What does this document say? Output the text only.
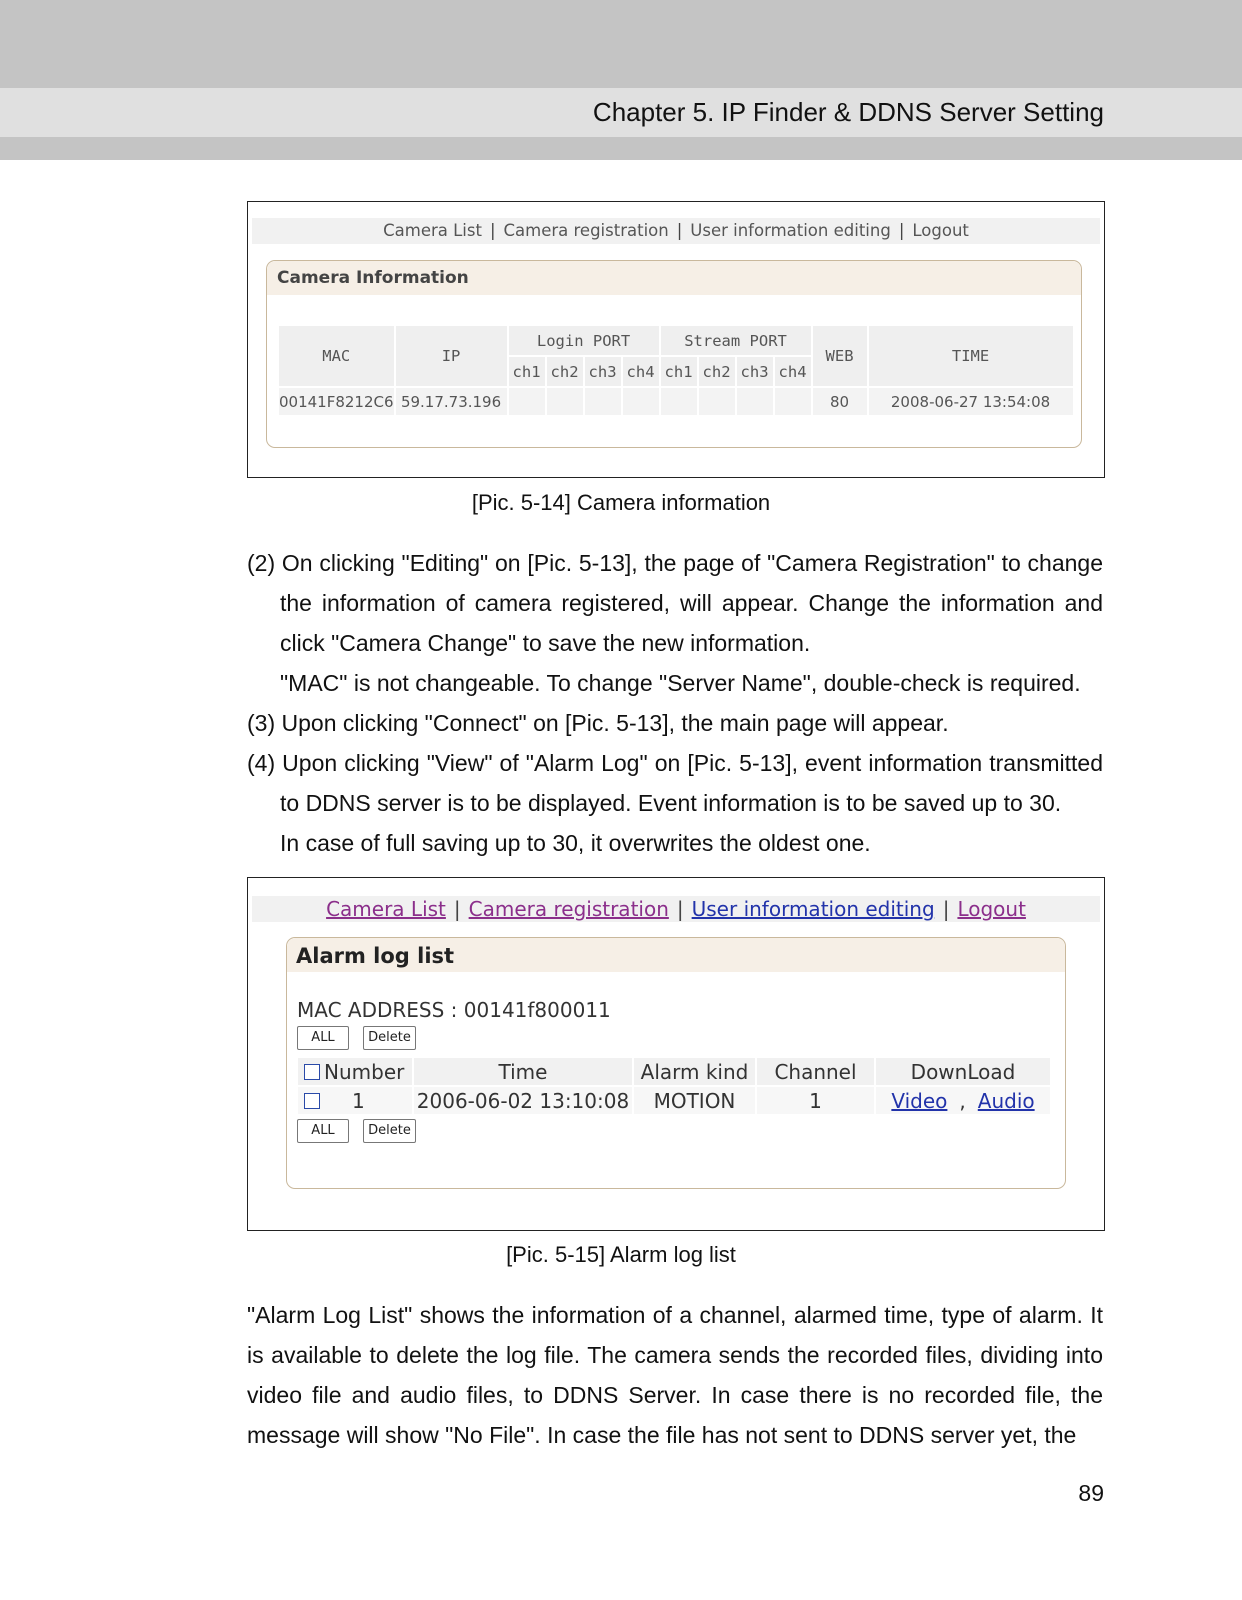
Chapter 5. IP Finder & DDNS Server Setting
Camera List | Camera registration | User information editing | Logout
Camera Information
MAC	IP	Login PORT				Stream PORT				WEB	TIME
		ch1	ch2	ch3	ch4	ch1	ch2	ch3	ch4		
00141F8212C6	59.17.73.196									80	2008-06-27 13:54:08
[Pic. 5-14] Camera information

(2) On clicking "Editing" on [Pic. 5-13], the page of "Camera Registration" to change the information of camera registered, will appear. Change the information and click "Camera Change" to save the new information.

"MAC" is not changeable. To change "Server Name", double-check is required.

(3) Upon clicking "Connect" on [Pic. 5-13], the main page will appear.

(4) Upon clicking "View" of "Alarm Log" on [Pic. 5-13], event information transmitted to DDNS server is to be displayed. Event information is to be saved up to 30.

In case of full saving up to 30, it overwrites the oldest one.

Camera List | Camera registration | User information editing | Logout
Alarm log list
MAC ADDRESS : 00141f800011
ALL	Delete
Number	Time	Alarm kind	Channel	DownLoad
1	2006-06-02 13:10:08	MOTION	1	Video , Audio
ALL	Delete
[Pic. 5-15] Alarm log list
"Alarm Log List" shows the information of a channel, alarmed time, type of alarm. It is available to delete the log file. The camera sends the recorded files, dividing into video file and audio files, to DDNS Server. In case there is no recorded file, the message will show "No File". In case the file has not sent to DDNS server yet, the
89
